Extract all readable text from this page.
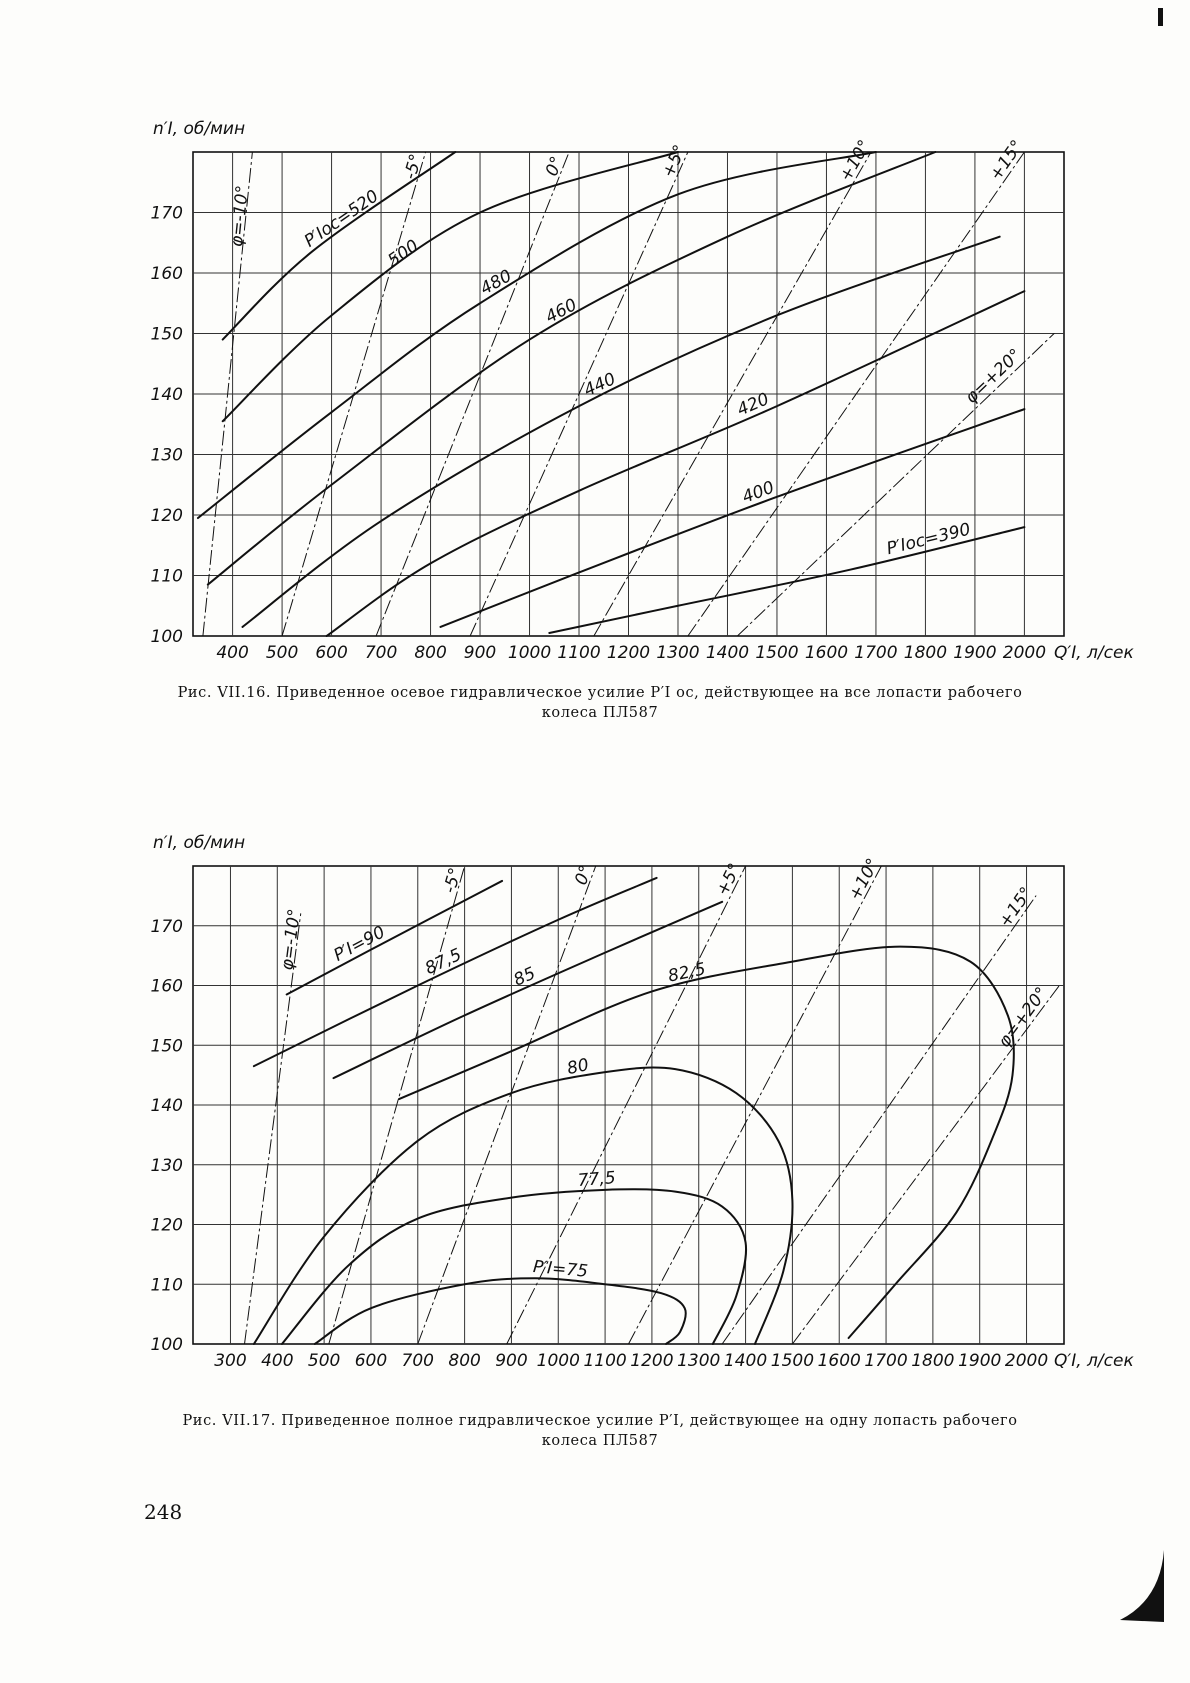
400 500 600 700 800 900 1000 1100 1200 1300 1400 1500 1600 1700 1800 1900 2000
100
110
120
130
140
150
160
170
n′I, об/мин
Q′I, л/сек
P′Ioc=520
500
480
460
440
420
400
P′Ioc=390
φ=-10°
-5°	0°	+5°	+10°	+15°
φ=+20°
300 400 500 600 700 800 900 1000 1100 1200 1300 1400 1500 1600 1700 1800 1900 2000
100
110
120
130
140
150
160
170
n′I, об/мин
Q′I, л/сек
P′I=90 87,5	85	82,5
80
77,5
P′I=75
φ=-10°
-5°	0°	+5°	+10°
+15°
φ=+20°
Рис. VII.16. Приведенное осевое гидравлическое усилие P′I oc, действующее на все лопасти рабочего
колеса ПЛ587
Рис. VII.17. Приведенное полное гидравлическое усилие P′I, действующее на одну лопасть рабочего
колеса ПЛ587
248
